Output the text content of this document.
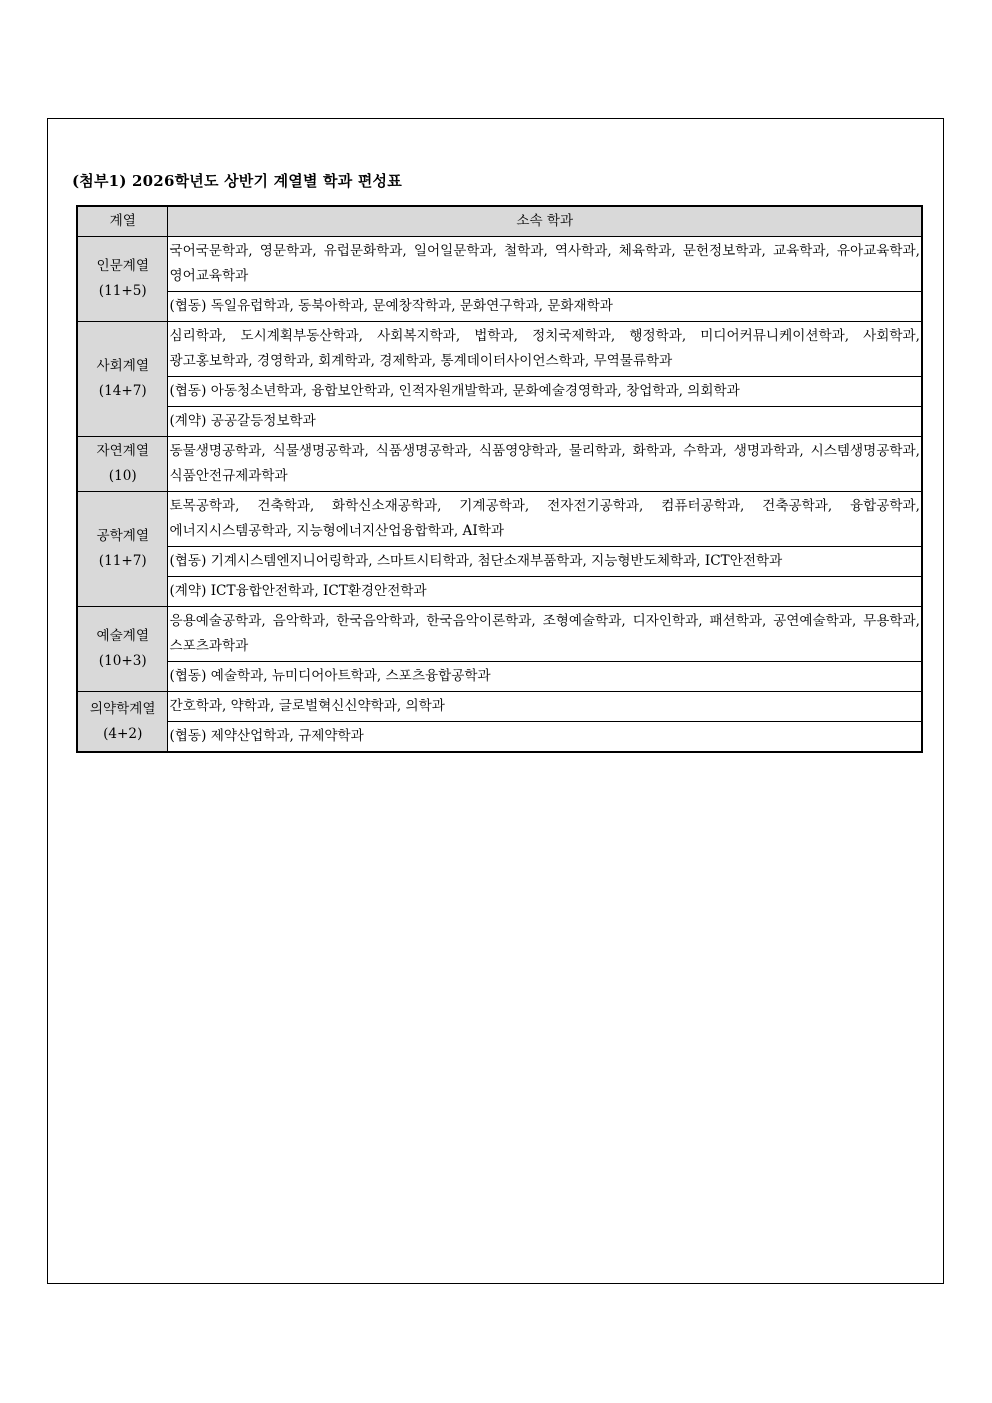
(첨부1) 2026학년도 상반기 계열별 학과 편성표
계열	소속 학과

인문계열
(11+5)	국어국문학과, 영문학과, 유럽문화학과, 일어일문학과, 철학과, 역사학과, 체육학과, 문헌정보학과, 교육학과, 유아교육학과, 영어교육학과
	(협동) 독일유럽학과, 동북아학과, 문예창작학과, 문화연구학과, 문화재학과

사회계열
(14+7)	심리학과, 도시계획부동산학과, 사회복지학과, 법학과, 정치국제학과, 행정학과, 미디어커뮤니케이션학과, 사회학과, 광고홍보학과, 경영학과, 회계학과, 경제학과, 통계데이터사이언스학과, 무역물류학과
	(협동) 아동청소년학과, 융합보안학과, 인적자원개발학과, 문화예술경영학과, 창업학과, 의회학과
	(계약) 공공갈등정보학과

자연계열
(10)	동물생명공학과, 식물생명공학과, 식품생명공학과, 식품영양학과, 물리학과, 화학과, 수학과, 생명과학과, 시스템생명공학과, 식품안전규제과학과

공학계열
(11+7)	토목공학과, 건축학과, 화학신소재공학과, 기계공학과, 전자전기공학과, 컴퓨터공학과, 건축공학과, 융합공학과, 에너지시스템공학과, 지능형에너지산업융합학과, AI학과
	(협동) 기계시스템엔지니어링학과, 스마트시티학과, 첨단소재부품학과, 지능형반도체학과, ICT안전학과
	(계약) ICT융합안전학과, ICT환경안전학과

예술계열
(10+3)	응용예술공학과, 음악학과, 한국음악학과, 한국음악이론학과, 조형예술학과, 디자인학과, 패션학과, 공연예술학과, 무용학과, 스포츠과학과
	(협동) 예술학과, 뉴미디어아트학과, 스포츠융합공학과

의약학계열
(4+2)	간호학과, 약학과, 글로벌혁신신약학과, 의학과
	(협동) 제약산업학과, 규제약학과
